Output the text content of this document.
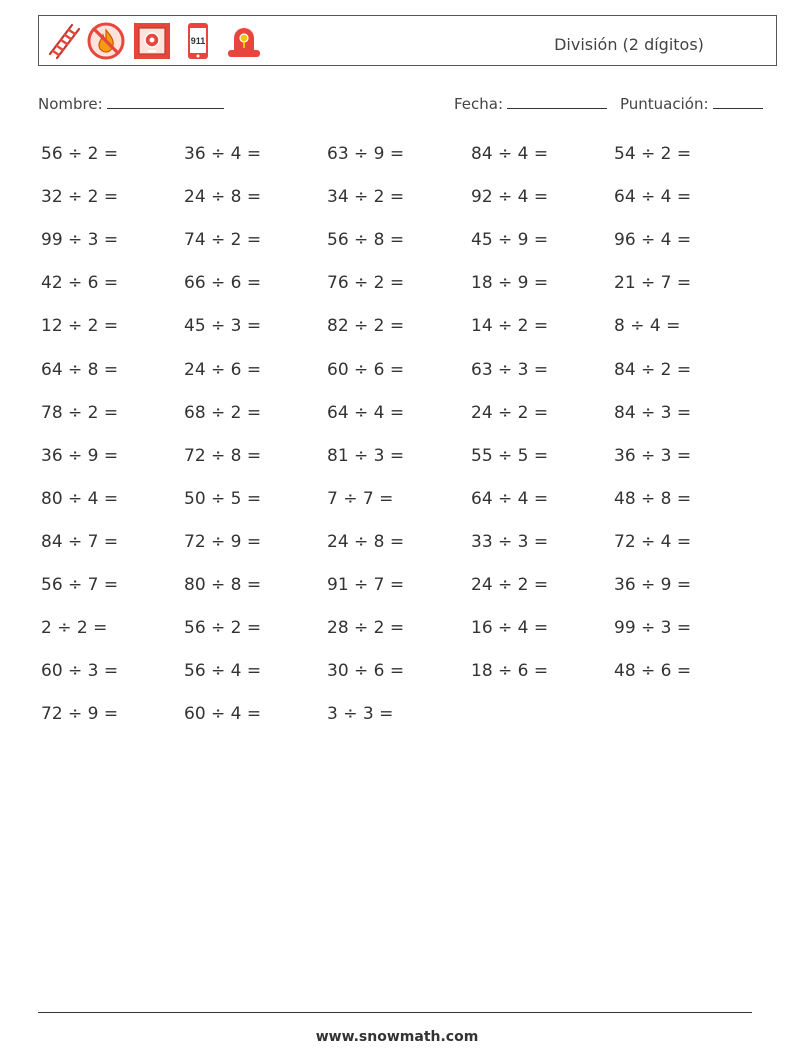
911	División (2 dígitos)
Nombre:	Fecha:	Puntuación:
56 ÷ 2 =	36 ÷ 4 =	63 ÷ 9 =	84 ÷ 4 =	54 ÷ 2 =
32 ÷ 2 =	24 ÷ 8 =	34 ÷ 2 =	92 ÷ 4 =	64 ÷ 4 =
99 ÷ 3 =	74 ÷ 2 =	56 ÷ 8 =	45 ÷ 9 =	96 ÷ 4 =
42 ÷ 6 =	66 ÷ 6 =	76 ÷ 2 =	18 ÷ 9 =	21 ÷ 7 =
12 ÷ 2 =	45 ÷ 3 =	82 ÷ 2 =	14 ÷ 2 =	8 ÷ 4 =
64 ÷ 8 =	24 ÷ 6 =	60 ÷ 6 =	63 ÷ 3 =	84 ÷ 2 =
78 ÷ 2 =	68 ÷ 2 =	64 ÷ 4 =	24 ÷ 2 =	84 ÷ 3 =
36 ÷ 9 =	72 ÷ 8 =	81 ÷ 3 =	55 ÷ 5 =	36 ÷ 3 =
80 ÷ 4 =	50 ÷ 5 =	7 ÷ 7 =	64 ÷ 4 =	48 ÷ 8 =
84 ÷ 7 =	72 ÷ 9 =	24 ÷ 8 =	33 ÷ 3 =	72 ÷ 4 =
56 ÷ 7 =	80 ÷ 8 =	91 ÷ 7 =	24 ÷ 2 =	36 ÷ 9 =
2 ÷ 2 =	56 ÷ 2 =	28 ÷ 2 =	16 ÷ 4 =	99 ÷ 3 =
60 ÷ 3 =	56 ÷ 4 =	30 ÷ 6 =	18 ÷ 6 =	48 ÷ 6 =
72 ÷ 9 =	60 ÷ 4 =	3 ÷ 3 =
www.snowmath.com
